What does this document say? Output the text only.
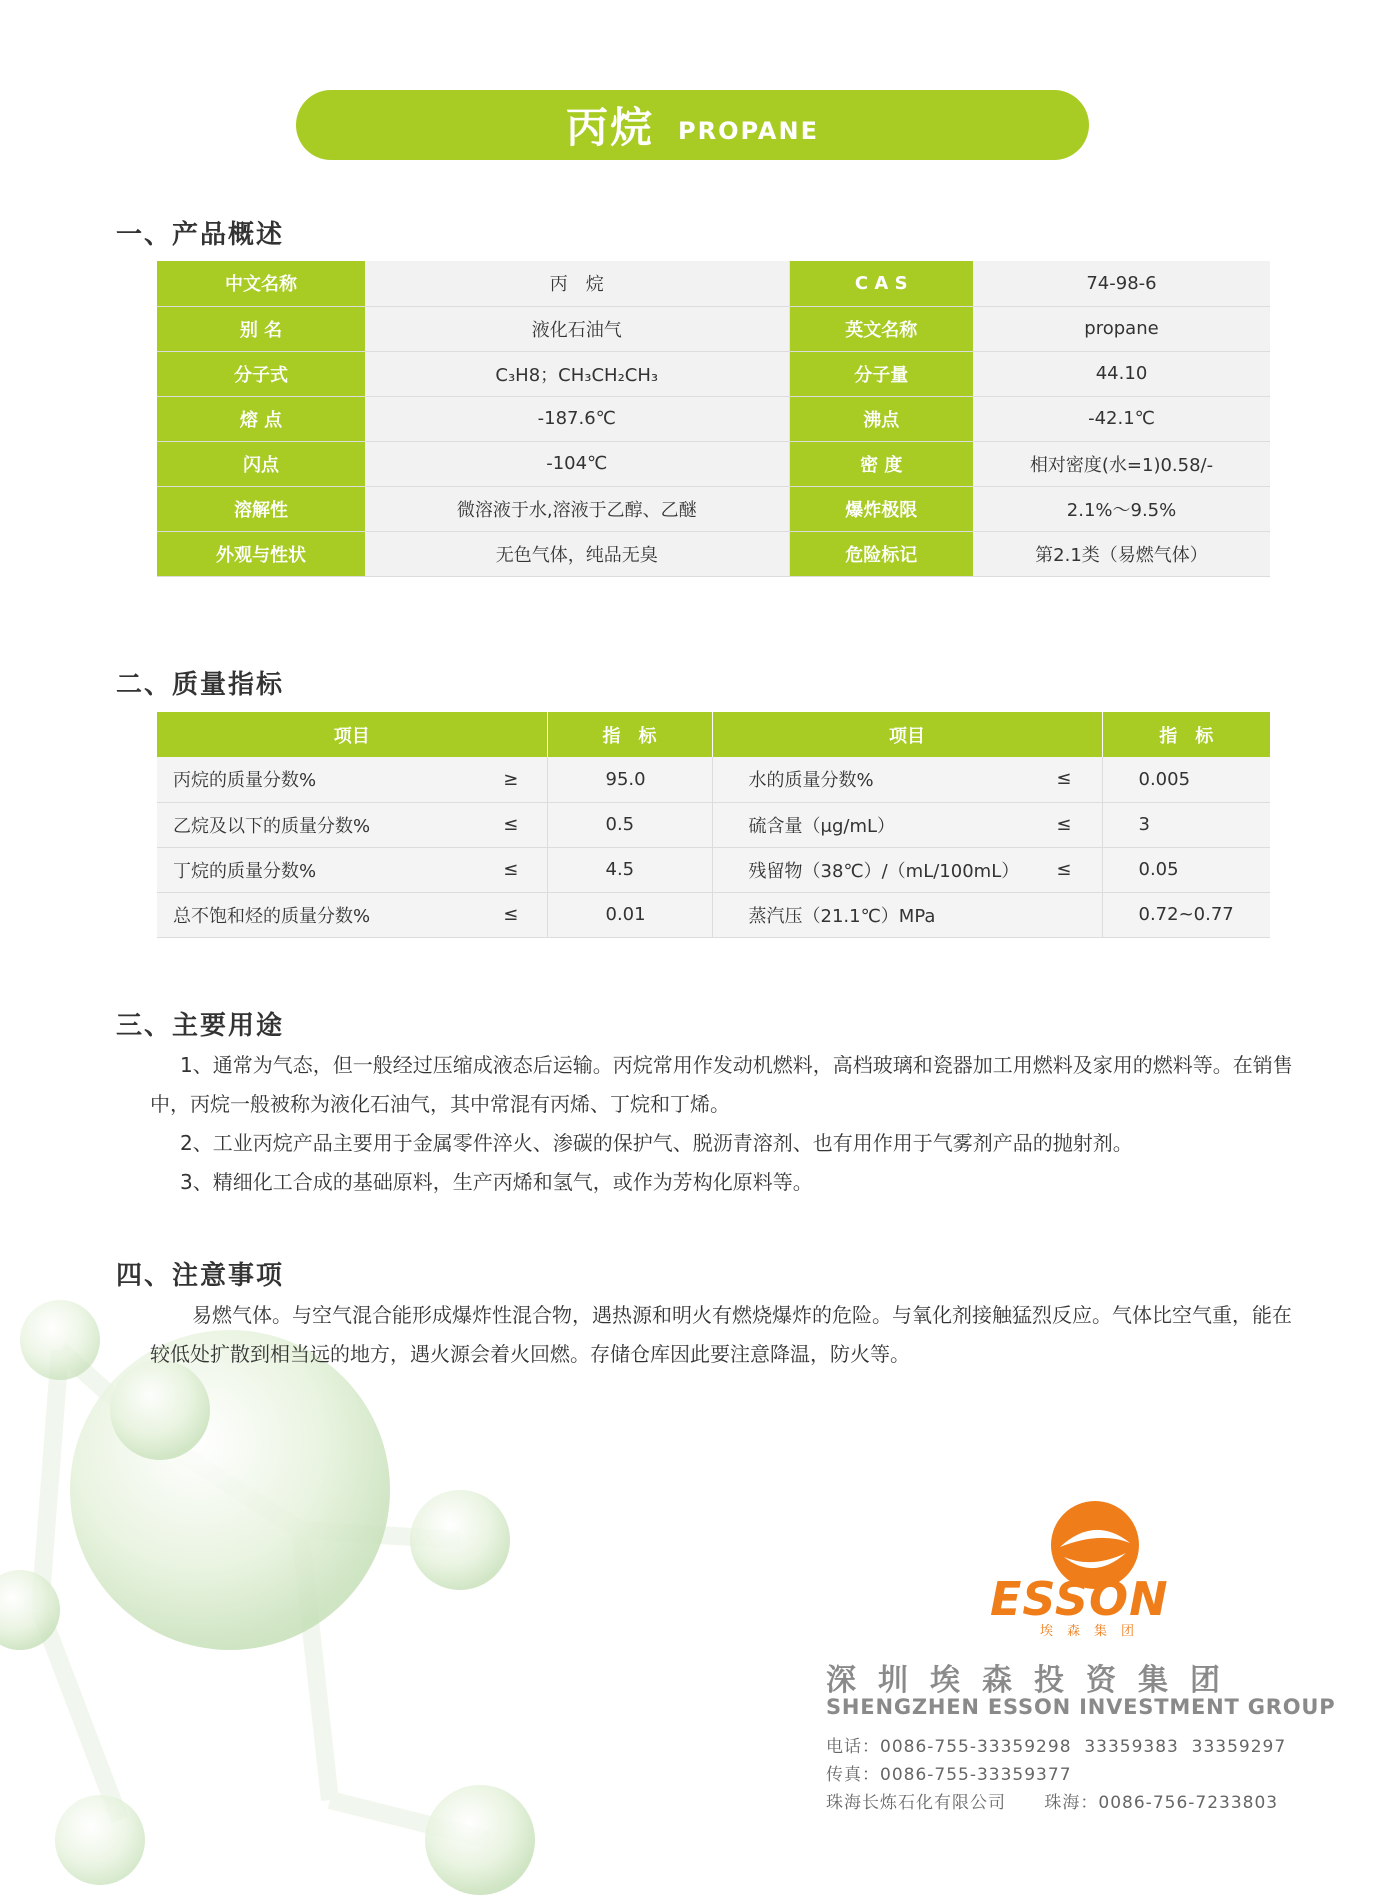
丙烷 PROPANE
一、产品概述
中文名称	丙　烷	C A S	74-98-6
别 名	液化石油气	英文名称	propane
分子式	C₃H8；CH₃CH₂CH₃	分子量	44.10
熔 点	-187.6℃	沸点	-42.1℃
闪点	-104℃	密 度	相对密度(水=1)0.58/-
溶解性	微溶液于水,溶液于乙醇、乙醚	爆炸极限	2.1%～9.5%
外观与性状	无色气体，纯品无臭	危险标记	第2.1类（易燃气体）
二、质量指标
项目		指　标	项目	指　标
丙烷的质量分数%	≥	95.0	水的质量分数% ≤	0.005
乙烷及以下的质量分数%	≤	0.5	硫含量（μg/mL） ≤	3
丁烷的质量分数%	≤	4.5	残留物（38℃）/（mL/100mL） ≤	0.05
总不饱和烃的质量分数%	≤	0.01	蒸汽压（21.1℃）MPa	0.72~0.77
三、主要用途

1、通常为气态，但一般经过压缩成液态后运输。丙烷常用作发动机燃料，高档玻璃和瓷器加工用燃料及家用的燃料等。在销售中，丙烷一般被称为液化石油气，其中常混有丙烯、丁烷和丁烯。

2、工业丙烷产品主要用于金属零件淬火、渗碳的保护气、脱沥青溶剂、也有用作用于气雾剂产品的抛射剂。

3、精细化工合成的基础原料，生产丙烯和氢气，或作为芳构化原料等。

四、注意事项

易燃气体。与空气混合能形成爆炸性混合物，遇热源和明火有燃烧爆炸的危险。与氧化剂接触猛烈反应。气体比空气重，能在较低处扩散到相当远的地方，遇火源会着火回燃。存储仓库因此要注意降温，防火等。

ESSON
埃森集团
深圳埃森投资集团
SHENGZHEN ESSON INVESTMENT GROUP
电话：0086-755-33359298  33359383  33359297
传真：0086-755-33359377
珠海长炼石化有限公司      珠海：0086-756-7233803
